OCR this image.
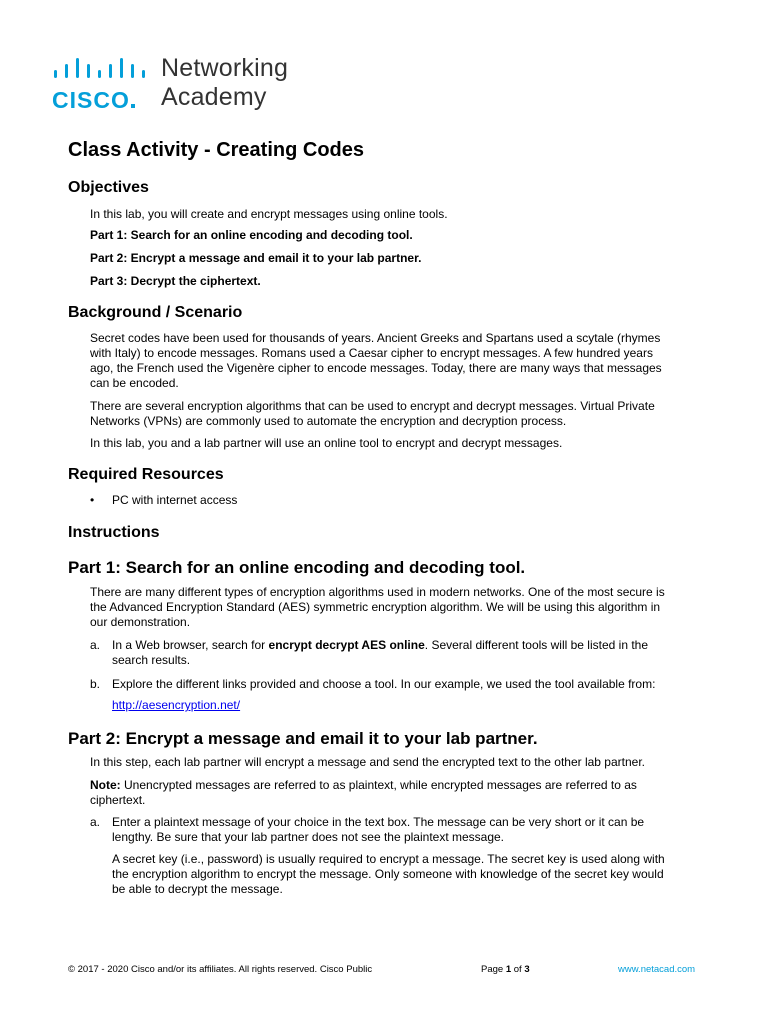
CISCO
Networking
Academy
Class Activity - Creating Codes
Objectives
In this lab, you will create and encrypt messages using online tools.
Part 1: Search for an online encoding and decoding tool.
Part 2: Encrypt a message and email it to your lab partner.
Part 3: Decrypt the ciphertext.
Background / Scenario
Secret codes have been used for thousands of years. Ancient Greeks and Spartans used a scytale (rhymes
with Italy) to encode messages. Romans used a Caesar cipher to encrypt messages. A few hundred years
ago, the French used the Vigenère cipher to encode messages. Today, there are many ways that messages
can be encoded.
There are several encryption algorithms that can be used to encrypt and decrypt messages. Virtual Private
Networks (VPNs) are commonly used to automate the encryption and decryption process.
In this lab, you and a lab partner will use an online tool to encrypt and decrypt messages.
Required Resources
• PC with internet access
Instructions
Part 1: Search for an online encoding and decoding tool.
There are many different types of encryption algorithms used in modern networks. One of the most secure is
the Advanced Encryption Standard (AES) symmetric encryption algorithm. We will be using this algorithm in
our demonstration.
a. In a Web browser, search for encrypt decrypt AES online. Several different tools will be listed in the
search results.
b. Explore the different links provided and choose a tool. In our example, we used the tool available from:
http://aesencryption.net/
Part 2: Encrypt a message and email it to your lab partner.
In this step, each lab partner will encrypt a message and send the encrypted text to the other lab partner.
Note: Unencrypted messages are referred to as plaintext, while encrypted messages are referred to as
ciphertext.
a. Enter a plaintext message of your choice in the text box. The message can be very short or it can be
lengthy. Be sure that your lab partner does not see the plaintext message.
A secret key (i.e., password) is usually required to encrypt a message. The secret key is used along with
the encryption algorithm to encrypt the message. Only someone with knowledge of the secret key would
be able to decrypt the message.
© 2017 - 2020 Cisco and/or its affiliates. All rights reserved. Cisco Public	Page 1 of 3	www.netacad.com
